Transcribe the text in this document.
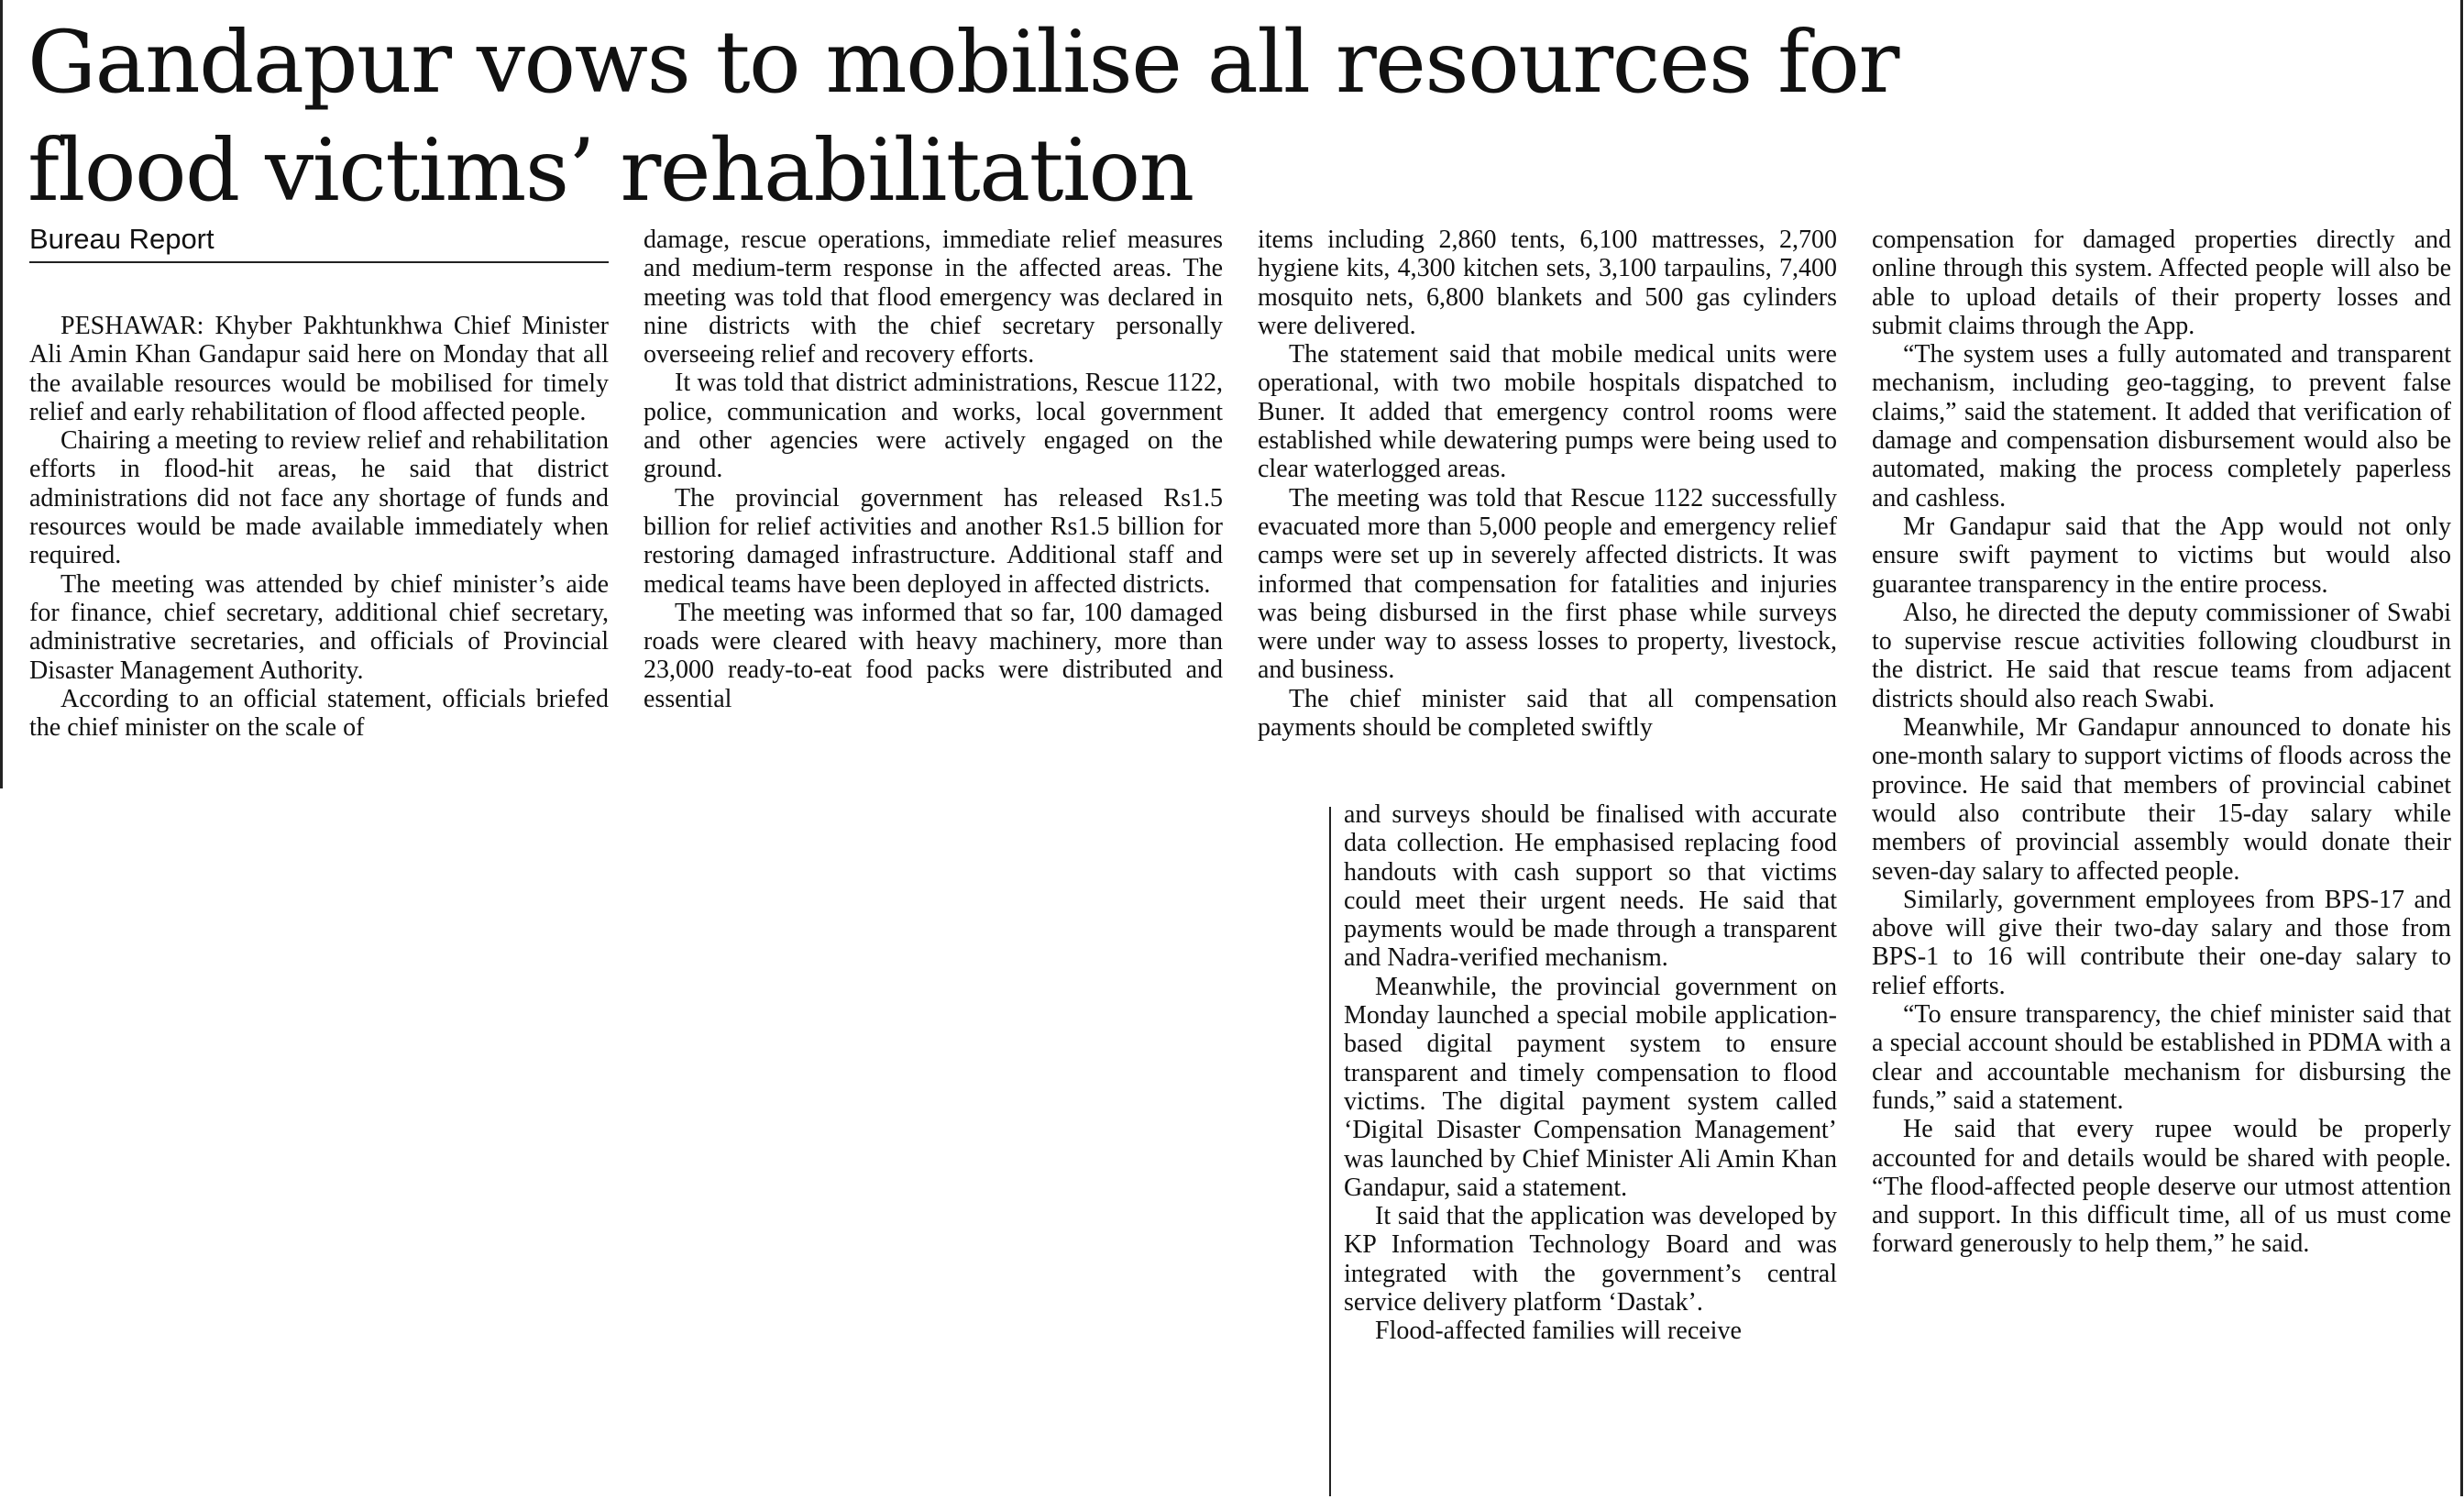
Gandapur vows to mobilise all resources for
flood victims’ rehabilitation

Bureau Report

PESHAWAR: Khyber Pakhtunkhwa Chief Minister Ali Amin Khan Gandapur said here on Monday that all the available resources would be mobilised for timely relief and early rehabilitation of flood affected people.

Chairing a meeting to review relief and rehabilitation efforts in flood-hit areas, he said that district administrations did not face any shortage of funds and resources would be made available immediately when required.

The meeting was attended by chief minister’s aide for finance, chief secretary, additional chief secretary, administrative secretaries, and officials of Provincial Disaster Management Authority.

According to an official statement, officials briefed the chief minister on the scale of

damage, rescue operations, immediate relief measures and medium-term response in the affected areas. The meeting was told that flood emergency was declared in nine districts with the chief secretary personally overseeing relief and recovery efforts.

It was told that district administrations, Rescue 1122, police, communication and works, local government and other agencies were actively engaged on the ground.

The provincial government has released Rs1.5 billion for relief activities and another Rs1.5 billion for restoring damaged infrastructure. Additional staff and medical teams have been deployed in affected districts.

The meeting was informed that so far, 100 damaged roads were cleared with heavy machinery, more than 23,000 ready-to-eat food packs were distributed and essential

items including 2,860 tents, 6,100 mattresses, 2,700 hygiene kits, 4,300 kitchen sets, 3,100 tarpaulins, 7,400 mosquito nets, 6,800 blankets and 500 gas cylinders were delivered.

The statement said that mobile medical units were operational, with two mobile hospitals dispatched to Buner. It added that emergency control rooms were established while dewatering pumps were being used to clear waterlogged areas.

The meeting was told that Rescue 1122 successfully evacuated more than 5,000 people and emergency relief camps were set up in severely affected districts. It was informed that compensation for fatalities and injuries was being disbursed in the first phase while surveys were under way to assess losses to property, livestock, and business.

The chief minister said that all compensation payments should be completed swiftly

and surveys should be finalised with accurate data collection. He emphasised replacing food handouts with cash support so that victims could meet their urgent needs. He said that payments would be made through a transparent and Nadra-verified mechanism.

Meanwhile, the provincial government on Monday launched a special mobile application-based digital payment system to ensure transparent and timely compensation to flood victims. The digital payment system called ‘Digital Disaster Compensation Management’ was launched by Chief Minister Ali Amin Khan Gandapur, said a statement.

It said that the application was developed by KP Information Technology Board and was integrated with the government’s central service delivery platform ‘Dastak’.

Flood-affected families will receive

compensation for damaged properties directly and online through this system. Affected people will also be able to upload details of their property losses and submit claims through the App.

“The system uses a fully automated and transparent mechanism, including geo-tagging, to prevent false claims,” said the statement. It added that verification of damage and compensation disbursement would also be automated, making the process completely paperless and cashless.

Mr Gandapur said that the App would not only ensure swift payment to victims but would also guarantee transparency in the entire process.

Also, he directed the deputy commissioner of Swabi to supervise rescue activities following cloudburst in the district. He said that rescue teams from adjacent districts should also reach Swabi.

Meanwhile, Mr Gandapur announced to donate his one-month salary to support victims of floods across the province. He said that members of provincial cabinet would also contribute their 15-day salary while members of provincial assembly would donate their seven-day salary to affected people.

Similarly, government employees from BPS-17 and above will give their two-day salary and those from BPS-1 to 16 will contribute their one-day salary to relief efforts.

“To ensure transparency, the chief minister said that a special account should be established in PDMA with a clear and accountable mechanism for disbursing the funds,” said a statement.

He said that every rupee would be properly accounted for and details would be shared with people. “The flood-affected people deserve our utmost attention and support. In this difficult time, all of us must come forward generously to help them,” he said.
